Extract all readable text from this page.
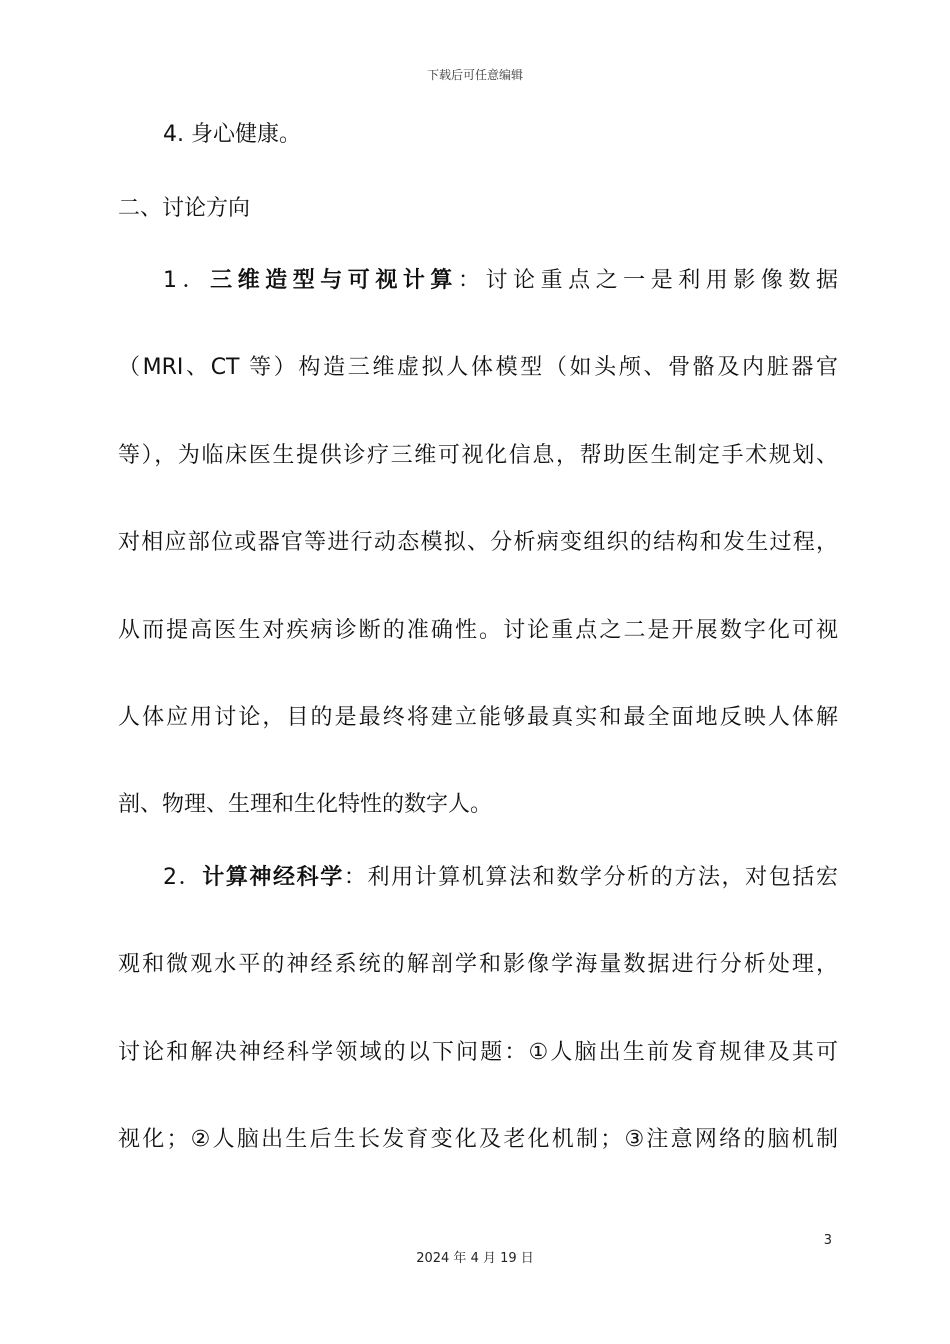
下载后可任意编辑
4. 身心健康。
二、讨论方向
1．三维造型与可视计算：讨论重点之一是利用影像数据
（MRI、CT 等）构造三维虚拟人体模型（如头颅、骨骼及内脏器官
等），为临床医生提供诊疗三维可视化信息，帮助医生制定手术规划、
对相应部位或器官等进行动态模拟、分析病变组织的结构和发生过程，
从而提高医生对疾病诊断的准确性。讨论重点之二是开展数字化可视
人体应用讨论，目的是最终将建立能够最真实和最全面地反映人体解
剖、物理、生理和生化特性的数字人。
2．计算神经科学：利用计算机算法和数学分析的方法，对包括宏
观和微观水平的神经系统的解剖学和影像学海量数据进行分析处理，
讨论和解决神经科学领域的以下问题：①人脑出生前发育规律及其可
视化；②人脑出生后生长发育变化及老化机制；③注意网络的脑机制
3
2024 年 4 月 19 日
